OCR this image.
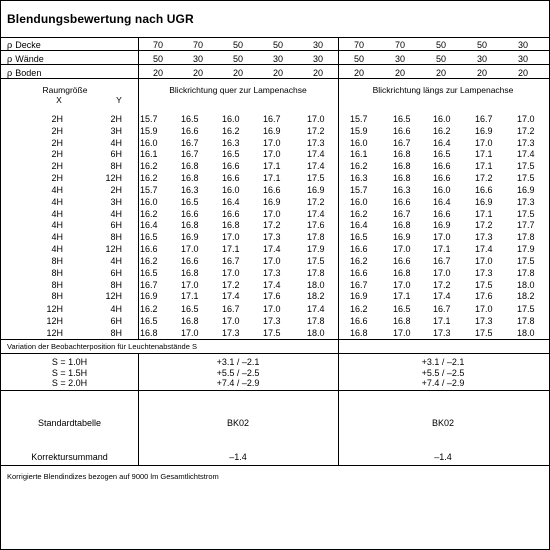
Blendungsbewertung nach UGR
ρ Decke	70	70	50	50	30	70	70	50	50	30
ρ Wände	50	30	50	30	30	50	30	50	30	30
ρ Boden	20	20	20	20	20	20	20	20	20	20
Raumgröße
X	Y
Blickrichtung quer zur Lampenachse	Blickrichtung längs zur Lampenachse
2H	2H 15.7	16.5	16.0	16.7	17.0	15.7	16.5	16.0	16.7	17.0
2H	3H 15.9	16.6	16.2	16.9	17.2	15.9	16.6	16.2	16.9	17.2
2H	4H 16.0	16.7	16.3	17.0	17.3	16.0	16.7	16.4	17.0	17.3
2H	6H 16.1	16.7	16.5	17.0	17.4	16.1	16.8	16.5	17.1	17.4
2H	8H 16.2	16.8	16.6	17.1	17.4	16.2	16.8	16.6	17.1	17.5
2H	12H 16.2	16.8	16.6	17.1	17.5	16.3	16.8	16.6	17.2	17.5
4H	2H 15.7	16.3	16.0	16.6	16.9	15.7	16.3	16.0	16.6	16.9
4H	3H 16.0	16.5	16.4	16.9	17.2	16.0	16.6	16.4	16.9	17.3
4H	4H 16.2	16.6	16.6	17.0	17.4	16.2	16.7	16.6	17.1	17.5
4H	6H 16.4	16.8	16.8	17.2	17.6	16.4	16.8	16.9	17.2	17.7
4H	8H 16.5	16.9	17.0	17.3	17.8	16.5	16.9	17.0	17.3	17.8
4H	12H 16.6	17.0	17.1	17.4	17.9	16.6	17.0	17.1	17.4	17.9
8H	4H 16.2	16.6	16.7	17.0	17.5	16.2	16.6	16.7	17.0	17.5
8H	6H 16.5	16.8	17.0	17.3	17.8	16.6	16.8	17.0	17.3	17.8
8H	8H 16.7	17.0	17.2	17.4	18.0	16.7	17.0	17.2	17.5	18.0
8H	12H 16.9	17.1	17.4	17.6	18.2	16.9	17.1	17.4	17.6	18.2
12H	4H 16.2	16.5	16.7	17.0	17.4	16.2	16.5	16.7	17.0	17.5
12H	6H 16.5	16.8	17.0	17.3	17.8	16.6	16.8	17.1	17.3	17.8
12H	8H 16.8	17.0	17.3	17.5	18.0	16.8	17.0	17.3	17.5	18.0
Variation der Beobachterposition für Leuchtenabstände S
S = 1.0H	+3.1 / –2.1	+3.1 / –2.1
S = 1.5H	+5.5 / –2.5	+5.5 / –2.5
S = 2.0H	+7.4 / –2.9	+7.4 / –2.9
Standardtabelle	BK02	BK02
Korrektursummand	–1.4	–1.4
Korrigierte Blendindizes bezogen auf 9000 lm Gesamtlichtstrom
